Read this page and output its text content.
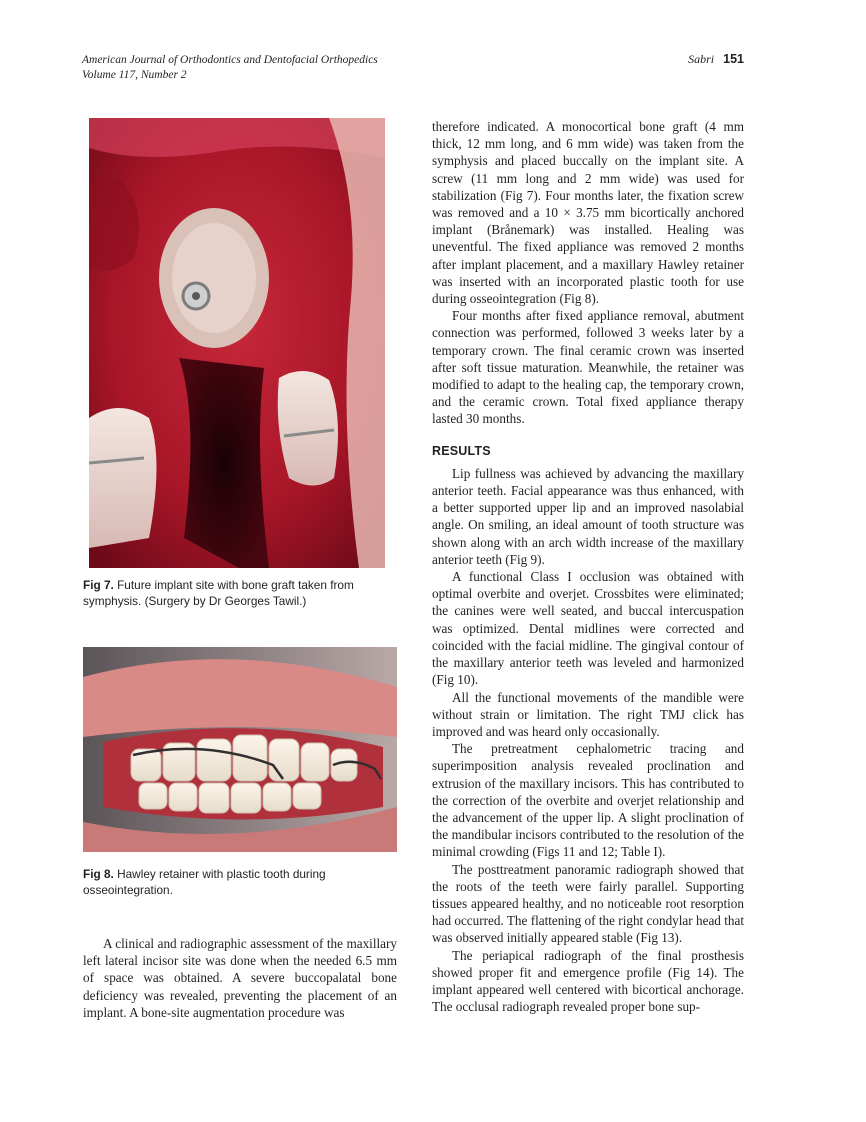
American Journal of Orthodontics and Dentofacial Orthopedics
Volume 117, Number 2
Sabri 151
Fig 7. Future implant site with bone graft taken from symphysis. (Surgery by Dr Georges Tawil.)
Fig 8. Hawley retainer with plastic tooth during osseointegration.

A clinical and radiographic assessment of the maxillary left lateral incisor site was done when the needed 6.5 mm of space was obtained. A severe buccopalatal bone deficiency was revealed, preventing the placement of an implant. A bone-site augmentation procedure was

therefore indicated. A monocortical bone graft (4 mm thick, 12 mm long, and 6 mm wide) was taken from the symphysis and placed buccally on the implant site. A screw (11 mm long and 2 mm wide) was used for stabilization (Fig 7). Four months later, the fixation screw was removed and a 10 × 3.75 mm bicortically anchored implant (Brånemark) was installed. Healing was uneventful. The fixed appliance was removed 2 months after implant placement, and a maxillary Hawley retainer was inserted with an incorporated plastic tooth for use during osseointegration (Fig 8).

Four months after fixed appliance removal, abutment connection was performed, followed 3 weeks later by a temporary crown. The final ceramic crown was inserted after soft tissue maturation. Meanwhile, the retainer was modified to adapt to the healing cap, the temporary crown, and the ceramic crown. Total fixed appliance therapy lasted 30 months.

RESULTS

Lip fullness was achieved by advancing the maxillary anterior teeth. Facial appearance was thus enhanced, with a better supported upper lip and an improved nasolabial angle. On smiling, an ideal amount of tooth structure was shown along with an arch width increase of the maxillary anterior teeth (Fig 9).

A functional Class I occlusion was obtained with optimal overbite and overjet. Crossbites were eliminated; the canines were well seated, and buccal intercuspation was optimized. Dental midlines were corrected and coincided with the facial midline. The gingival contour of the maxillary anterior teeth was leveled and harmonized (Fig 10).

All the functional movements of the mandible were without strain or limitation. The right TMJ click has improved and was heard only occasionally.

The pretreatment cephalometric tracing and superimposition analysis revealed proclination and extrusion of the maxillary incisors. This has contributed to the correction of the overbite and overjet relationship and the advancement of the upper lip. A slight proclination of the mandibular incisors contributed to the resolution of the minimal crowding (Figs 11 and 12; Table I).

The posttreatment panoramic radiograph showed that the roots of the teeth were fairly parallel. Supporting tissues appeared healthy, and no noticeable root resorption had occurred. The flattening of the right condylar head that was observed initially appeared stable (Fig 13).

The periapical radiograph of the final prosthesis showed proper fit and emergence profile (Fig 14). The implant appeared well centered with bicortical anchorage. The occlusal radiograph revealed proper bone sup-
